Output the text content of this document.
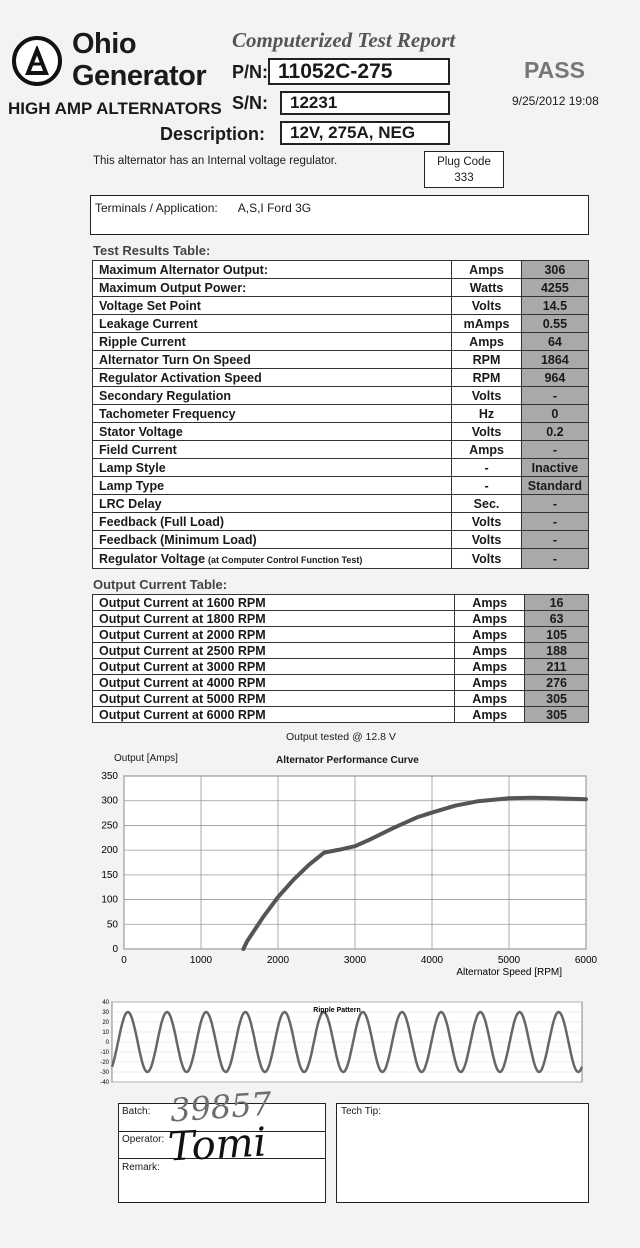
Ohio
Generator
HIGH AMP ALTERNATORS
Computerized Test Report
P/N: 11052C-275
S/N:	12231
Description:	12V, 275A, NEG
PASS
9/25/2012 19:08
This alternator has an Internal voltage regulator.	Plug Code
333
Terminals / Application: A,S,I Ford 3G
Test Results Table:
Maximum Alternator Output:	Amps	306
Maximum Output Power:	Watts	4255
Voltage Set Point	Volts	14.5
Leakage Current	mAmps	0.55
Ripple Current	Amps	64
Alternator Turn On Speed	RPM	1864
Regulator Activation Speed	RPM	964
Secondary Regulation	Volts	-
Tachometer Frequency	Hz	0
Stator Voltage	Volts	0.2
Field Current	Amps	-
Lamp Style	-	Inactive
Lamp Type	-	Standard
LRC Delay	Sec.	-
Feedback (Full Load)	Volts	-
Feedback (Minimum Load)	Volts	-
Regulator Voltage (at Computer Control Function Test)	Volts	-
Output Current Table:
Output Current at 1600 RPM	Amps	16
Output Current at 1800 RPM	Amps	63
Output Current at 2000 RPM	Amps	105
Output Current at 2500 RPM	Amps	188
Output Current at 3000 RPM	Amps	211
Output Current at 4000 RPM	Amps	276
Output Current at 5000 RPM	Amps	305
Output Current at 6000 RPM	Amps	305
Output tested @ 12.8 V
Output [Amps]	Alternator Performance Curve
0	1000	2000	3000	4000	5000	6000
0
50
100
150
200
250
300
350
Alternator Speed [RPM]
-40
-30
-20
-10
0
10
20
30
40
Ripple Pattern
Batch:
Operator:
Remark:
39857
Tomi
Tech Tip:
